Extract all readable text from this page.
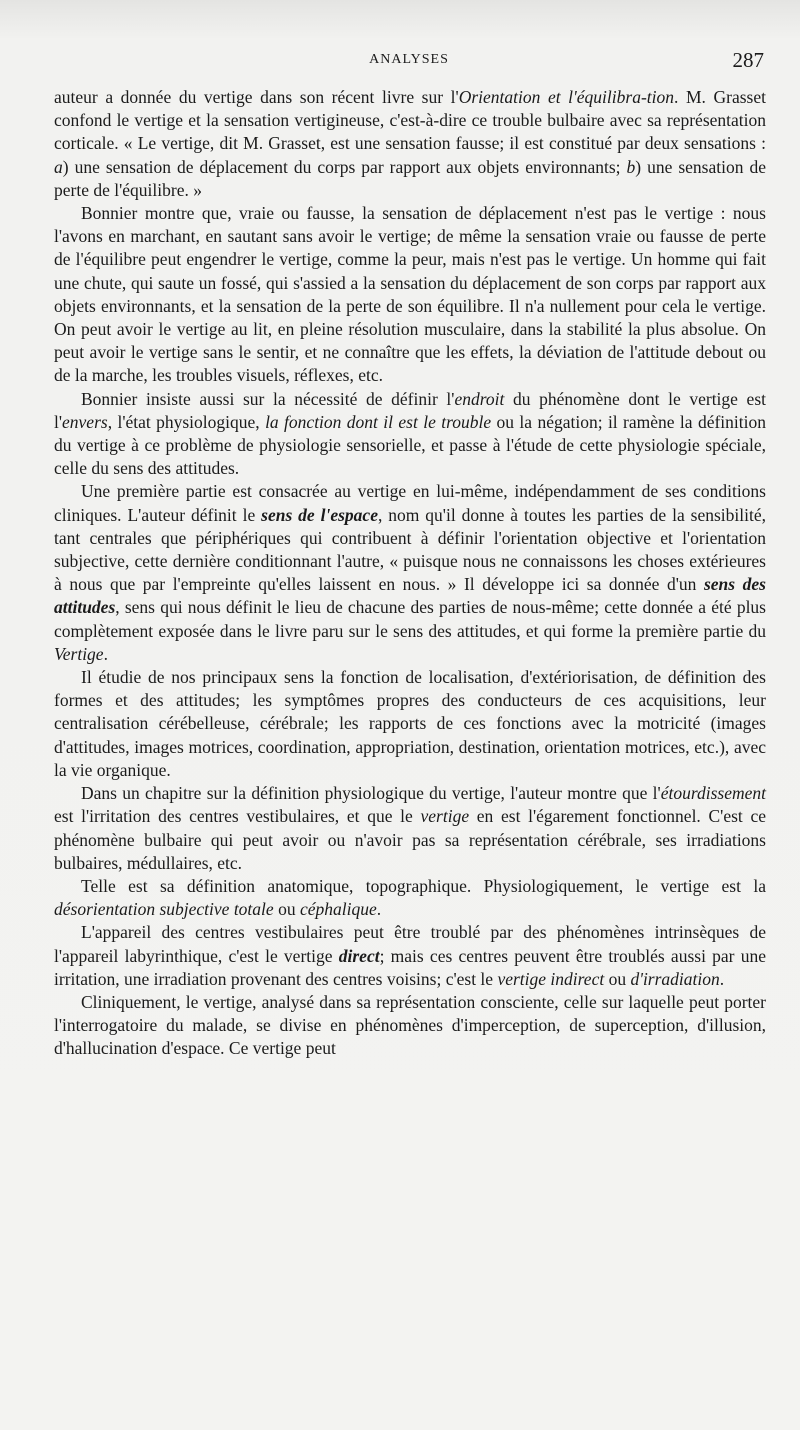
ANALYSES	287

auteur a donnée du vertige dans son récent livre sur l'Orientation et l'équilibra-tion. M. Grasset confond le vertige et la sensation vertigineuse, c'est-à-dire ce trouble bulbaire avec sa représentation corticale. « Le vertige, dit M. Grasset, est une sensation fausse; il est constitué par deux sensations : a) une sensation de déplacement du corps par rapport aux objets environnants; b) une sensation de perte de l'équilibre. »

Bonnier montre que, vraie ou fausse, la sensation de déplacement n'est pas le vertige : nous l'avons en marchant, en sautant sans avoir le vertige; de même la sensation vraie ou fausse de perte de l'équilibre peut engendrer le vertige, comme la peur, mais n'est pas le vertige. Un homme qui fait une chute, qui saute un fossé, qui s'assied a la sensation du déplacement de son corps par rapport aux objets environnants, et la sensation de la perte de son équilibre. Il n'a nullement pour cela le vertige. On peut avoir le vertige au lit, en pleine résolution musculaire, dans la stabilité la plus absolue. On peut avoir le vertige sans le sentir, et ne connaître que les effets, la déviation de l'attitude debout ou de la marche, les troubles visuels, réflexes, etc.

Bonnier insiste aussi sur la nécessité de définir l'endroit du phénomène dont le vertige est l'envers, l'état physiologique, la fonction dont il est le trouble ou la négation; il ramène la définition du vertige à ce problème de physiologie sensorielle, et passe à l'étude de cette physiologie spéciale, celle du sens des attitudes.

Une première partie est consacrée au vertige en lui-même, indépendamment de ses conditions cliniques. L'auteur définit le sens de l'espace, nom qu'il donne à toutes les parties de la sensibilité, tant centrales que périphériques qui contribuent à définir l'orientation objective et l'orientation subjective, cette dernière conditionnant l'autre, « puisque nous ne connaissons les choses extérieures à nous que par l'empreinte qu'elles laissent en nous. » Il développe ici sa donnée d'un sens des attitudes, sens qui nous définit le lieu de chacune des parties de nous-même; cette donnée a été plus complètement exposée dans le livre paru sur le sens des attitudes, et qui forme la première partie du Vertige.

Il étudie de nos principaux sens la fonction de localisation, d'extériorisation, de définition des formes et des attitudes; les symptômes propres des conducteurs de ces acquisitions, leur centralisation cérébelleuse, cérébrale; les rapports de ces fonctions avec la motricité (images d'attitudes, images motrices, coordination, appropriation, destination, orientation motrices, etc.), avec la vie organique.

Dans un chapitre sur la définition physiologique du vertige, l'auteur montre que l'étourdissement est l'irritation des centres vestibulaires, et que le vertige en est l'égarement fonctionnel. C'est ce phénomène bulbaire qui peut avoir ou n'avoir pas sa représentation cérébrale, ses irradiations bulbaires, médullaires, etc.

Telle est sa définition anatomique, topographique. Physiologiquement, le vertige est la désorientation subjective totale ou céphalique.

L'appareil des centres vestibulaires peut être troublé par des phénomènes intrinsèques de l'appareil labyrinthique, c'est le vertige direct; mais ces centres peuvent être troublés aussi par une irritation, une irradiation provenant des centres voisins; c'est le vertige indirect ou d'irradiation.

Cliniquement, le vertige, analysé dans sa représentation consciente, celle sur laquelle peut porter l'interrogatoire du malade, se divise en phénomènes d'imperception, de superception, d'illusion, d'hallucination d'espace. Ce vertige peut
